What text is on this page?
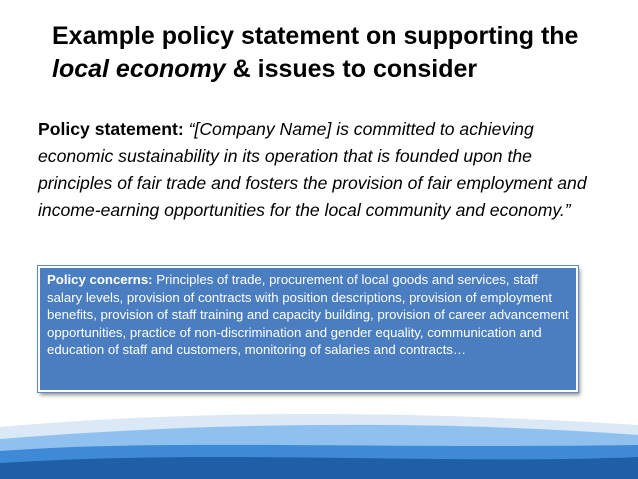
Example policy statement on supporting the
local economy & issues to consider
Policy statement: “[Company Name] is committed to achieving economic sustainability in its operation that is founded upon the principles of fair trade and fosters the provision of fair employment and income-earning opportunities for the local community and economy.”
Policy concerns: Principles of trade, procurement of local goods and services, staff salary levels, provision of contracts with position descriptions, provision of employment benefits, provision of staff training and capacity building, provision of career advancement opportunities, practice of non-discrimination and gender equality, communication and education of staff and customers, monitoring of salaries and contracts…
